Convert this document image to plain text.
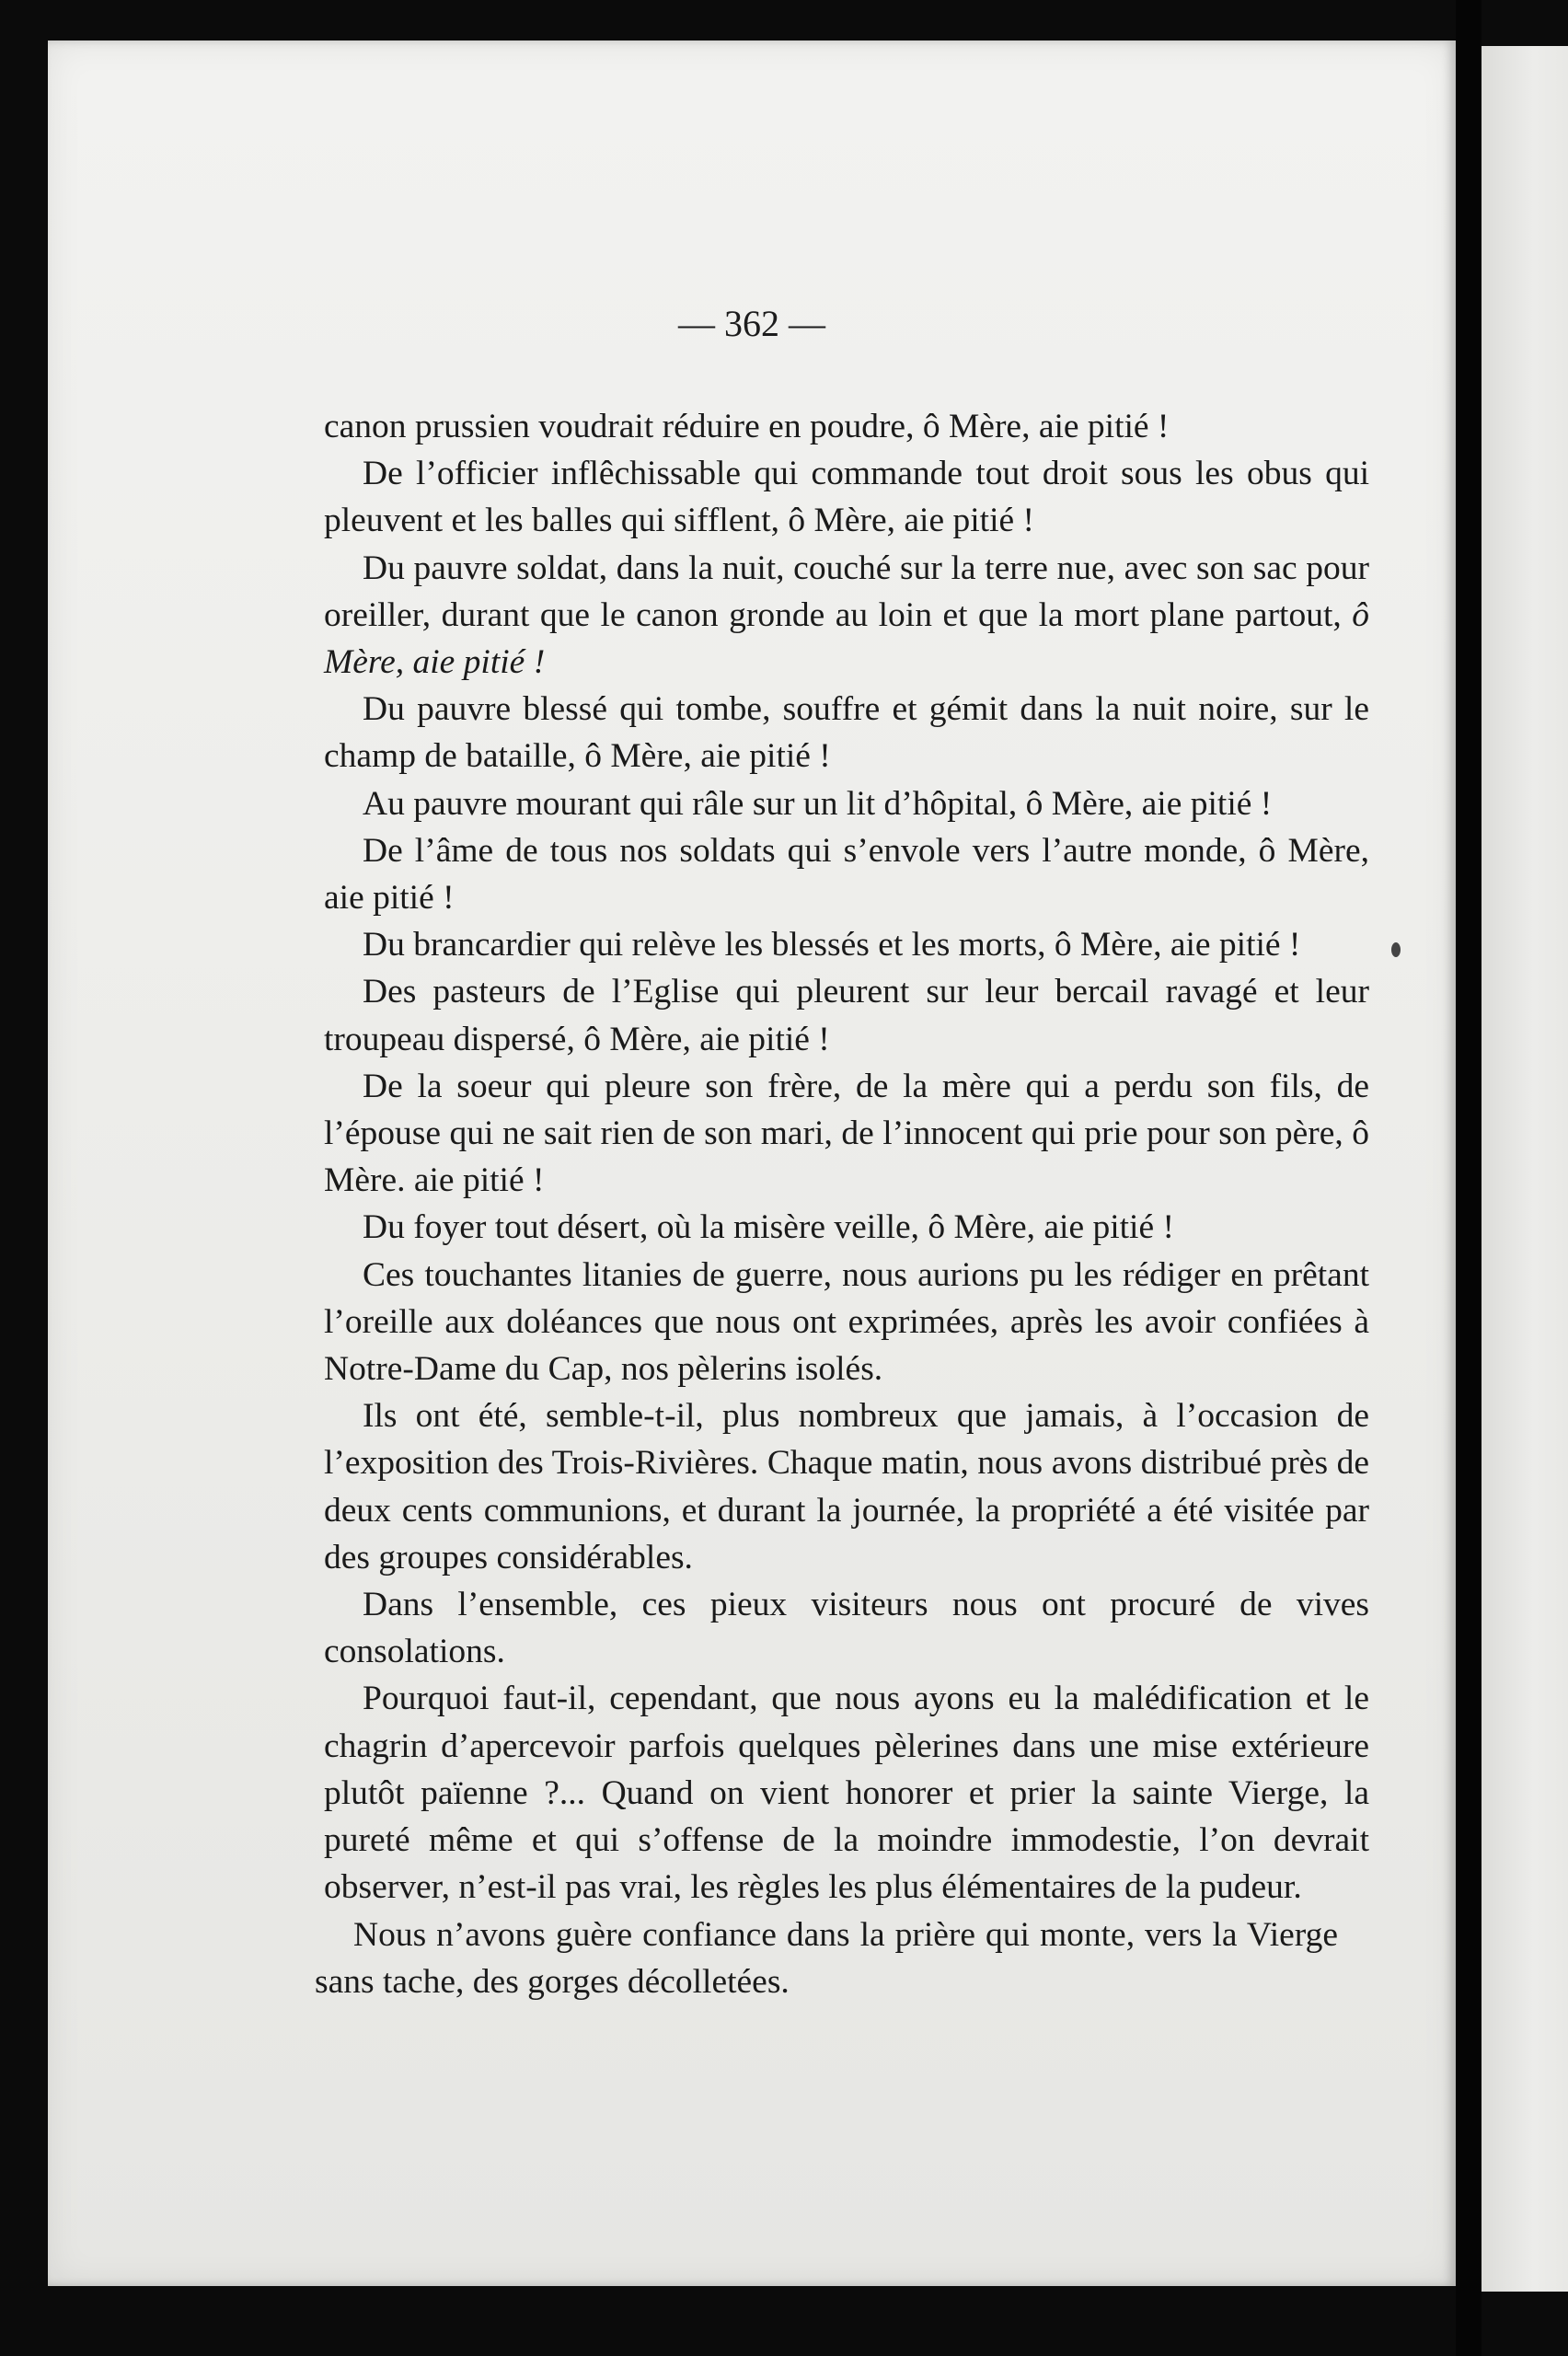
— 362 —

canon prussien voudrait réduire en poudre, ô Mère, aie pitié !

De l’officier inflêchissable qui commande tout droit sous les obus qui pleuvent et les balles qui sifflent, ô Mère, aie pitié !

Du pauvre soldat, dans la nuit, couché sur la terre nue, avec son sac pour oreiller, durant que le canon gronde au loin et que la mort plane partout, ô Mère, aie pitié !

Du pauvre blessé qui tombe, souffre et gémit dans la nuit noire, sur le champ de bataille, ô Mère, aie pitié !

Au pauvre mourant qui râle sur un lit d’hôpital, ô Mère, aie pitié !

De l’âme de tous nos soldats qui s’envole vers l’autre monde, ô Mère, aie pitié !

Du brancardier qui relève les blessés et les morts, ô Mère, aie pitié !

Des pasteurs de l’Eglise qui pleurent sur leur bercail ravagé et leur troupeau dispersé, ô Mère, aie pitié !

De la soeur qui pleure son frère, de la mère qui a perdu son fils, de l’épouse qui ne sait rien de son mari, de l’innocent qui prie pour son père, ô Mère. aie pitié !

Du foyer tout désert, où la misère veille, ô Mère, aie pitié !

Ces touchantes litanies de guerre, nous aurions pu les rédiger en prêtant l’oreille aux doléances que nous ont exprimées, après les avoir confiées à Notre-Dame du Cap, nos pèlerins isolés.

Ils ont été, semble-t-il, plus nombreux que jamais, à l’occasion de l’exposition des Trois-Rivières. Chaque matin, nous avons distribué près de deux cents communions, et durant la journée, la propriété a été visitée par des groupes considérables.

Dans l’ensemble, ces pieux visiteurs nous ont procuré de vives consolations.

Pourquoi faut-il, cependant, que nous ayons eu la malédification et le chagrin d’apercevoir parfois quelques pèlerines dans une mise extérieure plutôt païenne ?... Quand on vient honorer et prier la sainte Vierge, la pureté même et qui s’offense de la moindre immodestie, l’on devrait observer, n’est-il pas vrai, les règles les plus élémentaires de la pudeur.

Nous n’avons guère confiance dans la prière qui monte, vers la Vierge sans tache, des gorges décolletées.
